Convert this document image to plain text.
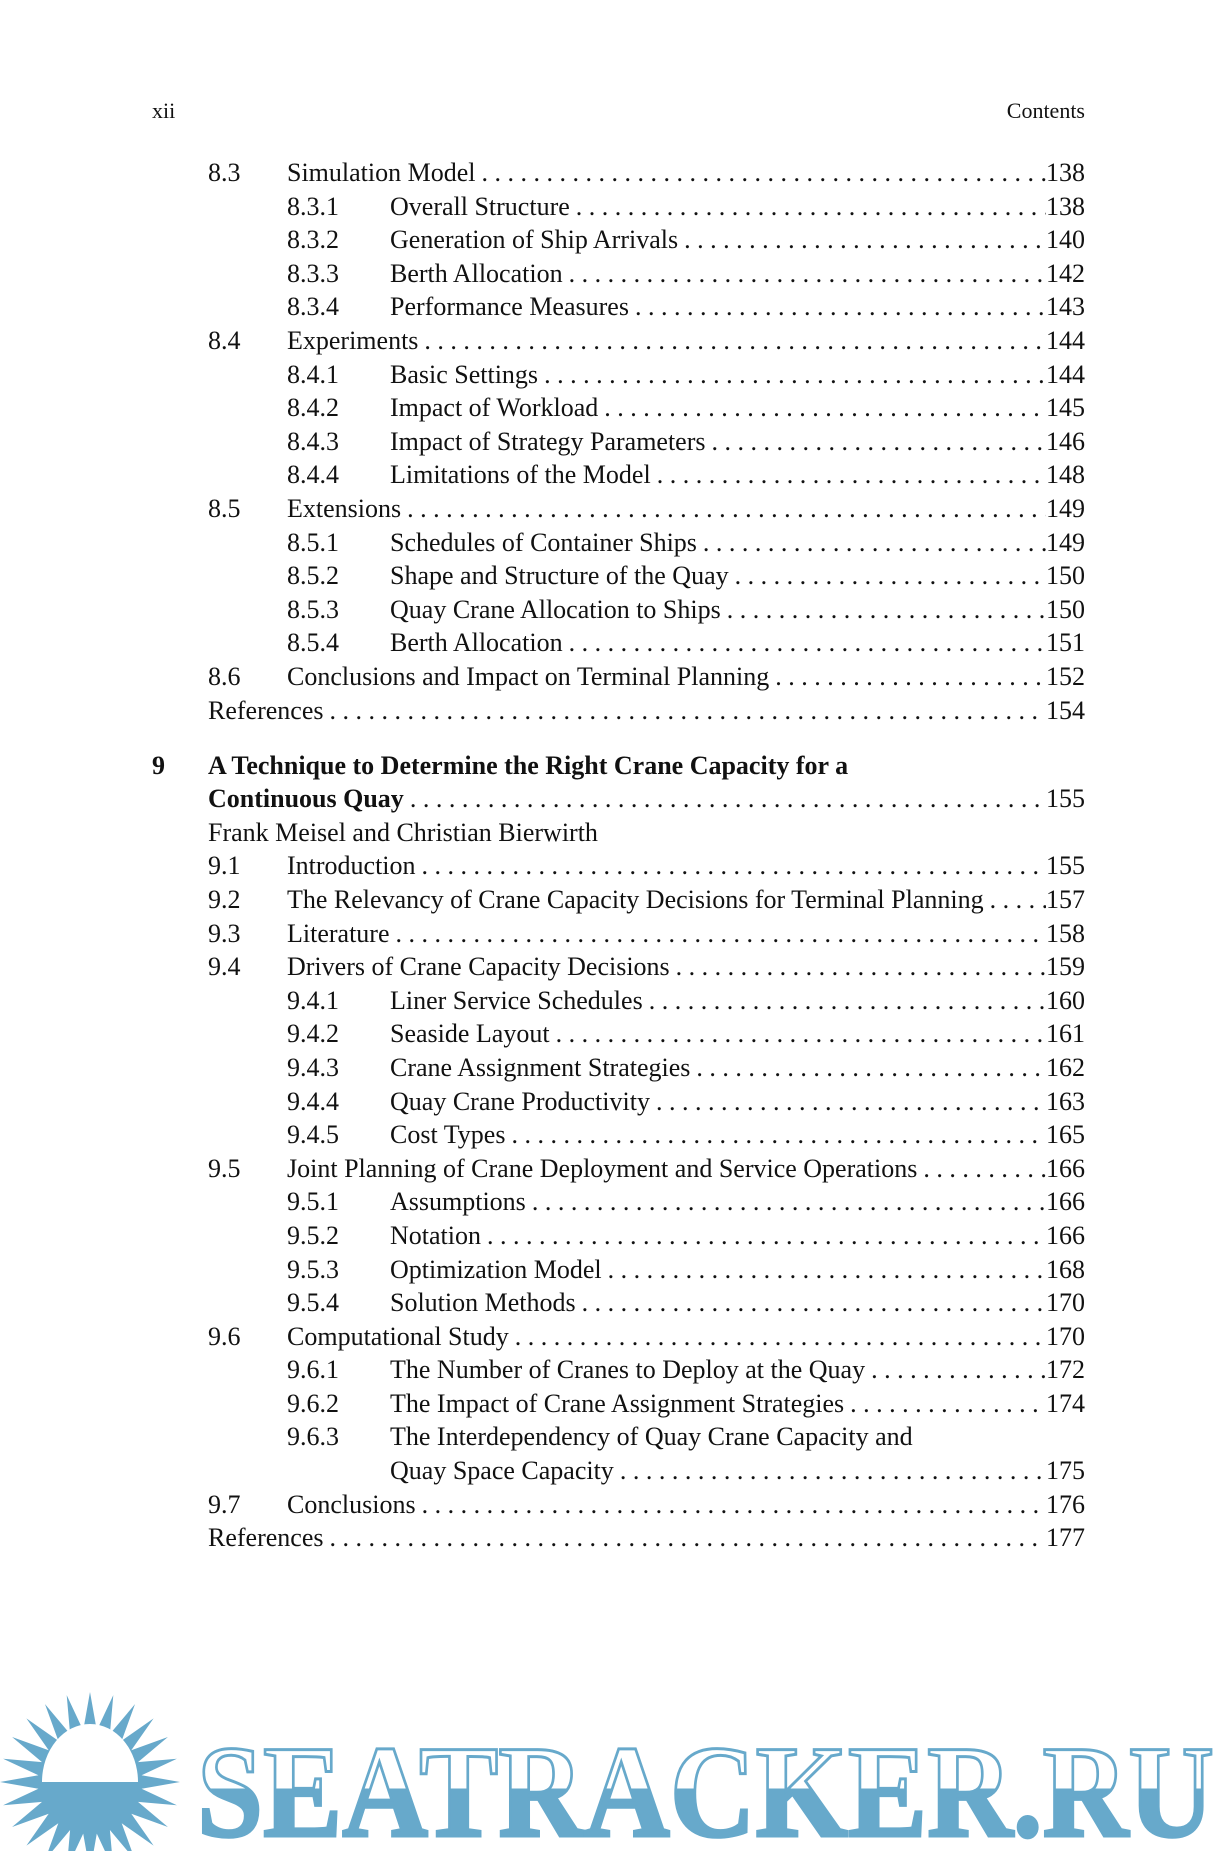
xii	Contents
8.3 Simulation Model . . .	138
8.3.1 Overall Structure . . .	138
8.3.2 Generation of Ship Arrivals . . .	140
8.3.3 Berth Allocation . . .	142
8.3.4 Performance Measures . . .	143
8.4 Experiments . . .	144
8.4.1 Basic Settings . . .	144
8.4.2 Impact of Workload . . .	145
8.4.3 Impact of Strategy Parameters . . .	146
8.4.4 Limitations of the Model . . .	148
8.5 Extensions . . .	149
8.5.1 Schedules of Container Ships . . .	149
8.5.2 Shape and Structure of the Quay . . .	150
8.5.3 Quay Crane Allocation to Ships . . .	150
8.5.4 Berth Allocation . . .	151
8.6 Conclusions and Impact on Terminal Planning . . .	152
References . . .	154
9 A Technique to Determine the Right Crane Capacity for a
Continuous Quay . . .	155
Frank Meisel and Christian Bierwirth
9.1 Introduction . . .	155
9.2 The Relevancy of Crane Capacity Decisions for Terminal Planning . . . 157
9.3 Literature . . .	158
9.4 Drivers of Crane Capacity Decisions . . .	159
9.4.1 Liner Service Schedules . . .	160
9.4.2 Seaside Layout . . .	161
9.4.3 Crane Assignment Strategies . . .	162
9.4.4 Quay Crane Productivity . . .	163
9.4.5 Cost Types . . .	165
9.5 Joint Planning of Crane Deployment and Service Operations . . .	166
9.5.1 Assumptions . . .	166
9.5.2 Notation . . .	166
9.5.3 Optimization Model . . .	168
9.5.4 Solution Methods . . .	170
9.6 Computational Study . . .	170
9.6.1 The Number of Cranes to Deploy at the Quay . . .	172
9.6.2 The Impact of Crane Assignment Strategies . . .	174
9.6.3 The Interdependency of Quay Crane Capacity and
Quay Space Capacity . . .	175
9.7 Conclusions . . .	176
References . . .	177
SEATRACKER.RU
